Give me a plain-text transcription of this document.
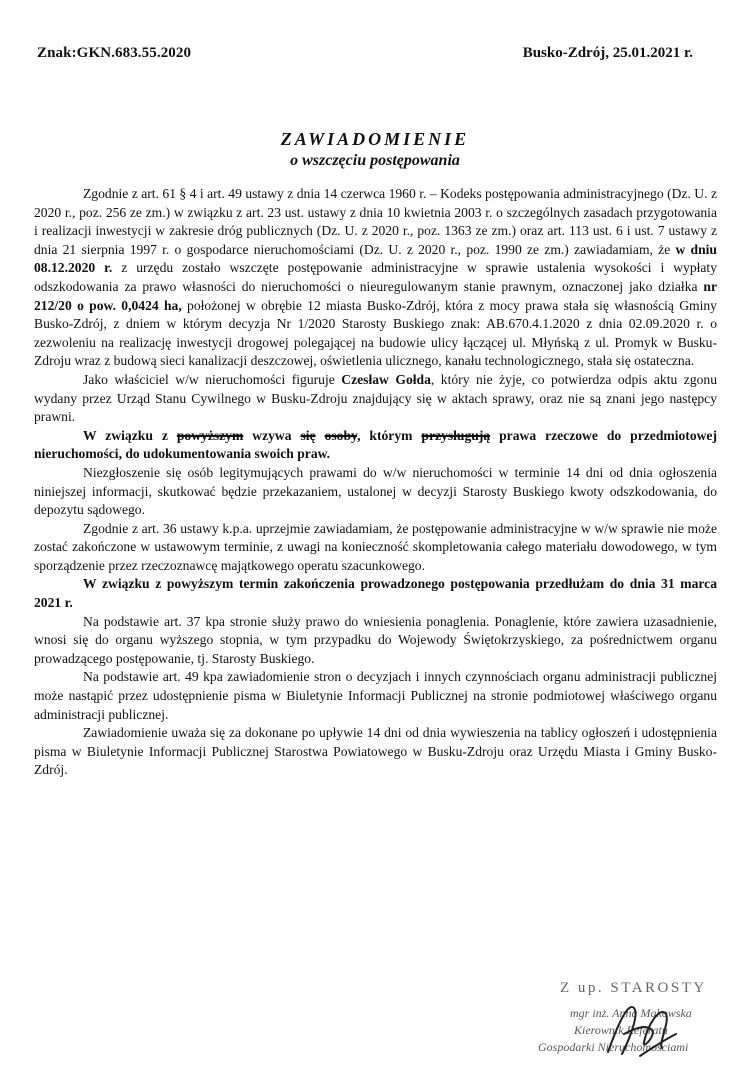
Znak:GKN.683.55.2020	Busko-Zdrój, 25.01.2021 r.
ZAWIADOMIENIE
o wszczęciu postępowania

Zgodnie z art. 61 § 4 i art. 49 ustawy z dnia 14 czerwca 1960 r. – Kodeks postępowania administracyjnego (Dz. U. z 2020 r., poz. 256 ze zm.) w związku z art. 23 ust. ustawy z dnia 10 kwietnia 2003 r. o szczególnych zasadach przygotowania i realizacji inwestycji w zakresie dróg publicznych (Dz. U. z 2020 r., poz. 1363 ze zm.) oraz art. 113 ust. 6 i ust. 7 ustawy z dnia 21 sierpnia 1997 r. o gospodarce nieruchomościami (Dz. U. z 2020 r., poz. 1990 ze zm.) zawiadamiam, że w dniu 08.12.2020 r. z urzędu zostało wszczęte postępowanie administracyjne w sprawie ustalenia wysokości i wypłaty odszkodowania za prawo własności do nieruchomości o nieuregulowanym stanie prawnym, oznaczonej jako działka nr 212/20 o pow. 0,0424 ha, położonej w obrębie 12 miasta Busko-Zdrój, która z mocy prawa stała się własnością Gminy Busko-Zdrój, z dniem w którym decyzja Nr 1/2020 Starosty Buskiego znak: AB.670.4.1.2020 z dnia 02.09.2020 r. o zezwoleniu na realizację inwestycji drogowej polegającej na budowie ulicy łączącej ul. Młyńską z ul. Promyk w Busku-Zdroju wraz z budową sieci kanalizacji deszczowej, oświetlenia ulicznego, kanału technologicznego, stała się ostateczna.

Jako właściciel w/w nieruchomości figuruje Czesław Gołda, który nie żyje, co potwierdza odpis aktu zgonu wydany przez Urząd Stanu Cywilnego w Busku-Zdroju znajdujący się w aktach sprawy, oraz nie są znani jego następcy prawni.

W związku z powyższym wzywa się osoby, którym przysługują prawa rzeczowe do przedmiotowej nieruchomości, do udokumentowania swoich praw.

Niezgłoszenie się osób legitymujących prawami do w/w nieruchomości w terminie 14 dni od dnia ogłoszenia niniejszej informacji, skutkować będzie przekazaniem, ustalonej w decyzji Starosty Buskiego kwoty odszkodowania, do depozytu sądowego.

Zgodnie z art. 36 ustawy k.p.a. uprzejmie zawiadamiam, że postępowanie administracyjne w w/w sprawie nie może zostać zakończone w ustawowym terminie, z uwagi na konieczność skompletowania całego materiału dowodowego, w tym sporządzenie przez rzeczoznawcę majątkowego operatu szacunkowego.

W związku z powyższym termin zakończenia prowadzonego postępowania przedłużam do dnia 31 marca 2021 r.

Na podstawie art. 37 kpa stronie służy prawo do wniesienia ponaglenia. Ponaglenie, które zawiera uzasadnienie, wnosi się do organu wyższego stopnia, w tym przypadku do Wojewody Świętokrzyskiego, za pośrednictwem organu prowadzącego postępowanie, tj. Starosty Buskiego.

Na podstawie art. 49 kpa zawiadomienie stron o decyzjach i innych czynnościach organu administracji publicznej może nastąpić przez udostępnienie pisma w Biuletynie Informacji Publicznej na stronie podmiotowej właściwego organu administracji publicznej.

Zawiadomienie uważa się za dokonane po upływie 14 dni od dnia wywieszenia na tablicy ogłoszeń i udostępnienia pisma w Biuletynie Informacji Publicznej Starostwa Powiatowego w Busku-Zdroju oraz Urzędu Miasta i Gminy Busko-Zdrój.

Z up. STAROSTY
mgr inż. Anna Makowska
Kierownik Referatu
Gospodarki Nieruchomościami
